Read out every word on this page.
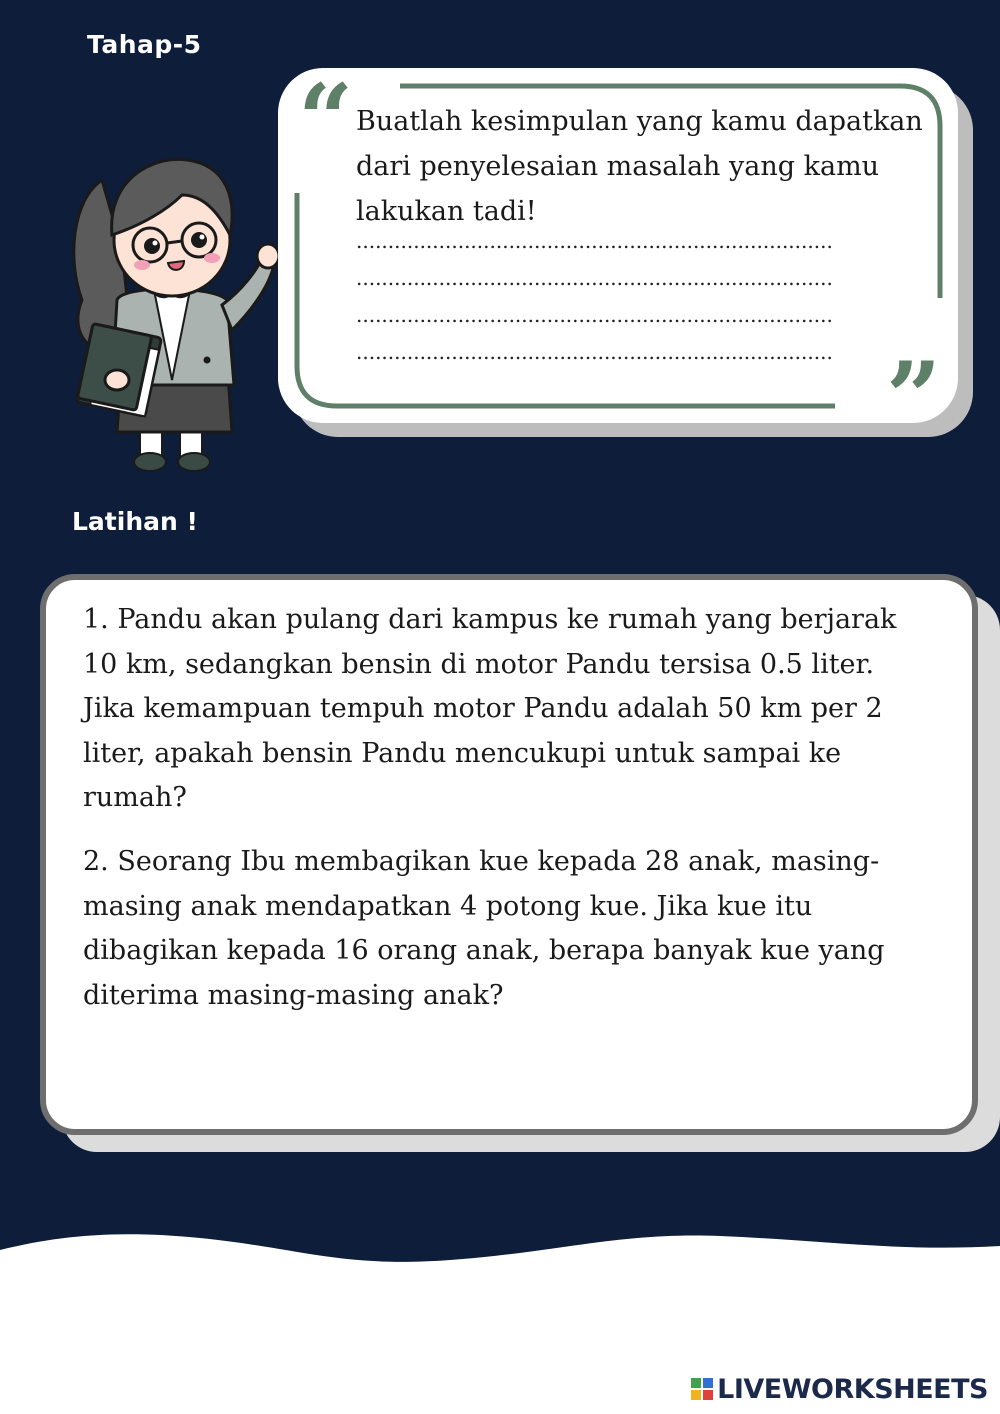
Tahap-5
“
”
Buatlah kesimpulan yang kamu dapatkan dari penyelesaian masalah yang kamu lakukan tadi!
...........................................................................
...........................................................................
...........................................................................
...........................................................................
Latihan !
1. Pandu akan pulang dari kampus ke rumah yang berjarak 10 km, sedangkan bensin di motor Pandu tersisa 0.5 liter. Jika kemampuan tempuh motor Pandu adalah 50 km per 2 liter, apakah bensin Pandu mencukupi untuk sampai ke rumah?
2. Seorang Ibu membagikan kue kepada 28 anak, masing-masing anak mendapatkan 4 potong kue. Jika kue itu dibagikan kepada 16 orang anak, berapa banyak kue yang diterima masing-masing anak?
LIVEWORKSHEETS
